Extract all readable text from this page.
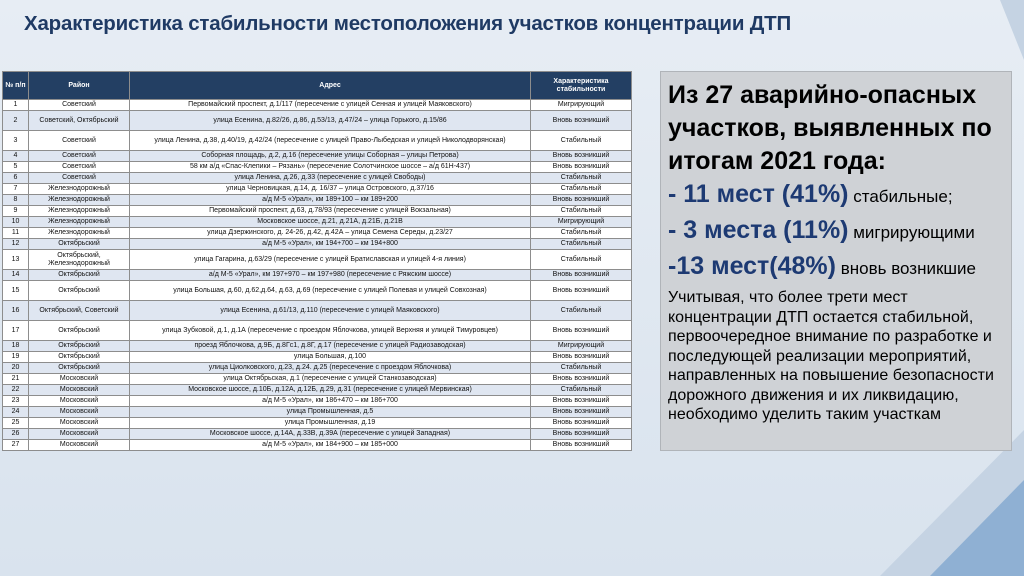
Характеристика стабильности местоположения участков концентрации ДТП
№ п/п	Район	Адрес	Характеристика стабильности
1	Советский	Первомайский проспект, д.1/117 (пересечение с улицей Сенная и улицей Маяковского)	Мигрирующий
2	Советский, Октябрьский	улица Есенина, д.82/26, д.86, д.53/13, д.47/24 – улица Горького, д.15/86	Вновь возникший
3	Советский	улица Ленина, д.38, д.40/19, д.42/24 (пересечение с улицей Право-Лыбедская и улицей Николодворянская)	Стабильный
4	Советский	Соборная площадь, д.2, д.16 (пересечение улицы Соборная – улицы Петрова)	Вновь возникший
5	Советский	58 км а/д «Спас-Клепики – Рязань» (пересечение Солотчинское шоссе – а/д 61Н-437)	Вновь возникший
6	Советский	улица Ленина, д.26, д.33 (пересечение с улицей Свободы)	Стабильный
7	Железнодорожный	улица Черновицкая, д.14, д. 16/37 – улица Островского, д.37/16	Стабильный
8	Железнодорожный	а/д М-5 «Урал», км 189+100 – км 189+200	Вновь возникший
9	Железнодорожный	Первомайский проспект, д.63, д.78/93 (пересечение с улицей Вокзальная)	Стабильный
10	Железнодорожный	Московское шоссе, д.21, д.21А, д.21Б, д.21В	Мигрирующий
11	Железнодорожный	улица Дзержинского, д. 24-26, д.42, д.42А – улица Семена Середы, д.23/27	Стабильный
12	Октябрьский	а/д М-5 «Урал», км 194+700 – км 194+800	Стабильный
13	Октябрьский, Железнодорожный	улица Гагарина, д.63/29 (пересечение с улицей Братиславская и улицей 4-я линия)	Стабильный
14	Октябрьский	а/д М-5 «Урал», км 197+970 – км 197+980 (пересечение с Ряжским шоссе)	Вновь возникший
15	Октябрьский	улица Большая, д.60, д.62,д.64, д.63, д.69 (пересечение с улицей Полевая и улицей Совхозная)	Вновь возникший
16	Октябрьский, Советский	улица Есенина, д.61/13, д.110 (пересечение с улицей Маяковского)	Стабильный
17	Октябрьский	улица Зубковой, д.1, д.1А (пересечение с проездом Яблочкова, улицей Верхняя и улицей Тимуровцев)	Вновь возникший
18	Октябрьский	проезд Яблочкова, д.9Б, д.8Гс1, д.8Г, д.17 (пересечение с улицей Радиозаводская)	Мигрирующий
19	Октябрьский	улица Большая, д.100	Вновь возникший
20	Октябрьский	улица Циолковского, д.23, д.24. д.25 (пересечение с проездом Яблочкова)	Стабильный
21	Московский	улица Октябрьская, д.1 (пересечение с улицей Станкозаводская)	Вновь возникший
22	Московский	Московское шоссе, д.10Б, д.12А, д.12Б, д.29, д.31 (пересечение с улицей Мервинская)	Стабильный
23	Московский	а/д М-5 «Урал», км 186+470 – км 186+700	Вновь возникший
24	Московский	улица Промышленная, д.5	Вновь возникший
25	Московский	улица Промышленная, д.19	Вновь возникший
26	Московский	Московское шоссе, д.14А, д.33В, д.39А (пересечение с улицей Западная)	Вновь возникший
27	Московский	а/д М-5 «Урал», км 184+900 – км 185+000	Вновь возникший
Из 27 аварийно-опасных участков, выявленных по итогам 2021 года:
- 11 мест (41%) стабильные;
- 3 места (11%) мигрирующими
-13 мест(48%) вновь возникшие
Учитывая, что более трети мест концентрации ДТП остается стабильной, первоочередное внимание по разработке и последующей реализации мероприятий, направленных на повышение безопасности дорожного движения и их ликвидацию, необходимо уделить таким участкам
